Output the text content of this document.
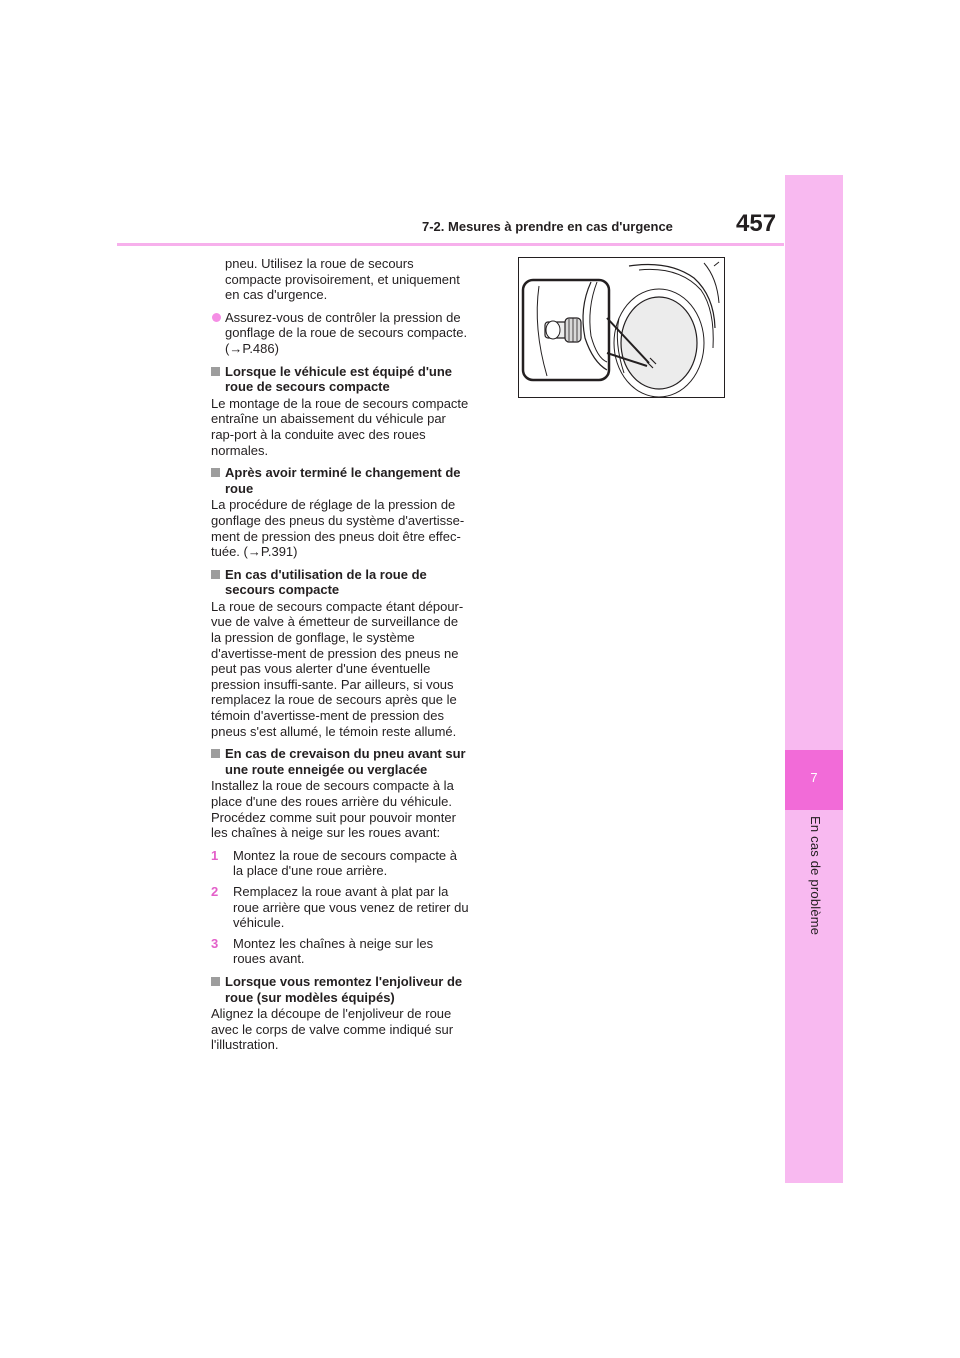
7
En cas de problème
7-2. Mesures à prendre en cas d'urgence	457

pneu. Utilisez la roue de secours compacte provisoirement, et uniquement en cas d'urgence.

Assurez-vous de contrôler la pression de gonflage de la roue de secours compacte. (→P.486)
Lorsque le véhicule est équipé d'une roue de secours compacte

Le montage de la roue de secours compacte entraîne un abaissement du véhicule par rap-port à la conduite avec des roues normales.

Après avoir terminé le changement de roue

La procédure de réglage de la pression de gonflage des pneus du système d'avertisse-ment de pression des pneus doit être effec-tuée. (→P.391)

En cas d'utilisation de la roue de secours compacte

La roue de secours compacte étant dépour-vue de valve à émetteur de surveillance de la pression de gonflage, le système d'avertisse-ment de pression des pneus ne peut pas vous alerter d'une éventuelle pression insuffi-sante. Par ailleurs, si vous remplacez la roue de secours après que le témoin d'avertisse-ment de pression des pneus s'est allumé, le témoin reste allumé.

En cas de crevaison du pneu avant sur une route enneigée ou verglacée

Installez la roue de secours compacte à la place d'une des roues arrière du véhicule. Procédez comme suit pour pouvoir monter les chaînes à neige sur les roues avant:

1 Montez la roue de secours compacte à la place d'une roue arrière.
2 Remplacez la roue avant à plat par la roue arrière que vous venez de retirer du véhicule.
3 Montez les chaînes à neige sur les roues avant.
Lorsque vous remontez l'enjoliveur de roue (sur modèles équipés)

Alignez la découpe de l'enjoliveur de roue avec le corps de valve comme indiqué sur l'illustration.
